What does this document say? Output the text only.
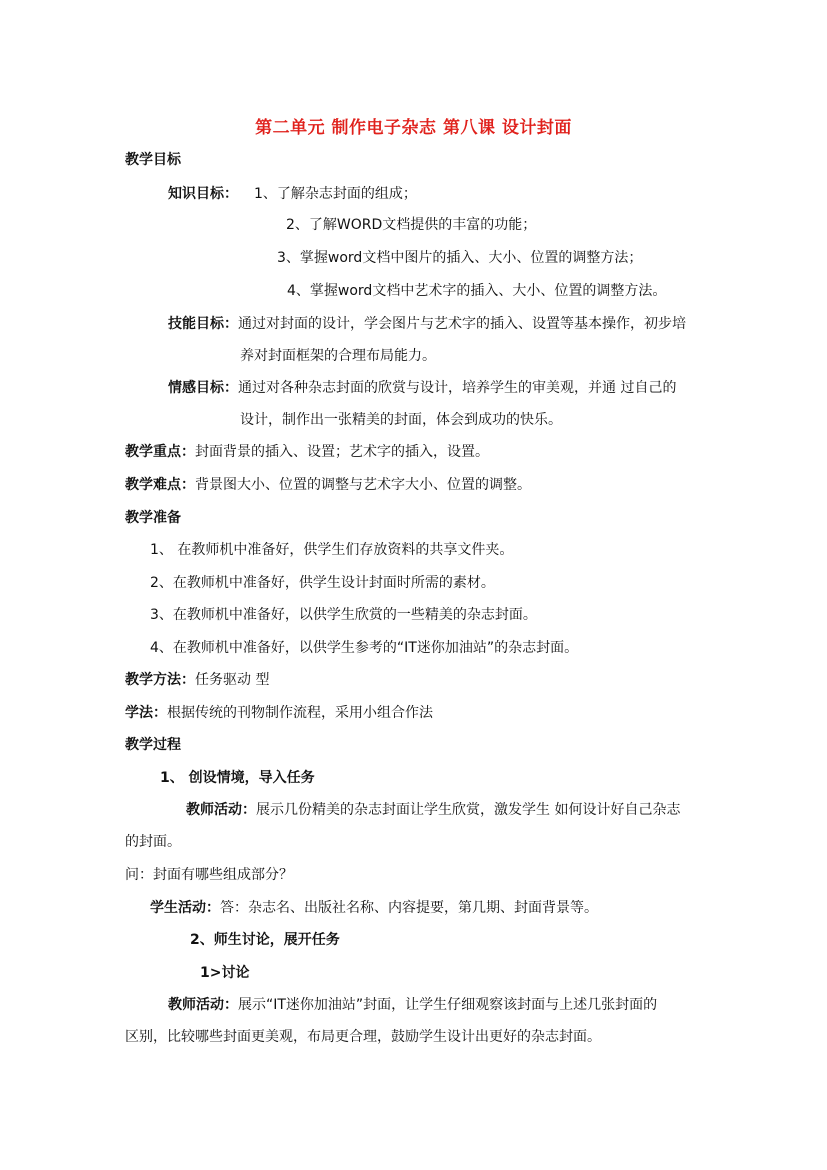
第二单元 制作电子杂志 第八课 设计封面
教学目标
知识目标： 1、了解杂志封面的组成；
2、了解WORD文档提供的丰富的功能；
3、掌握word文档中图片的插入、大小、位置的调整方法；
4、掌握word文档中艺术字的插入、大小、位置的调整方法。
技能目标：通过对封面的设计，学会图片与艺术字的插入、设置等基本操作，初步培
养对封面框架的合理布局能力。
情感目标：通过对各种杂志封面的欣赏与设计，培养学生的审美观，并通 过自己的
设计，制作出一张精美的封面，体会到成功的快乐。
教学重点：封面背景的插入、设置；艺术字的插入，设置。
教学难点：背景图大小、位置的调整与艺术字大小、位置的调整。
教学准备
1、 在教师机中准备好，供学生们存放资料的共享文件夹。
2、在教师机中准备好，供学生设计封面时所需的素材。
3、在教师机中准备好，以供学生欣赏的一些精美的杂志封面。
4、在教师机中准备好，以供学生参考的“IT迷你加油站”的杂志封面。
教学方法：任务驱动 型
学法：根据传统的刊物制作流程，采用小组合作法
教学过程
1、 创设情境，导入任务
教师活动：展示几份精美的杂志封面让学生欣赏，激发学生 如何设计好自己杂志
的封面。
问：封面有哪些组成部分？
学生活动：答：杂志名、出版社名称、内容提要，第几期、封面背景等。
2、师生讨论，展开任务
1>讨论
教师活动：展示“IT迷你加油站”封面，让学生仔细观察该封面与上述几张封面的
区别，比较哪些封面更美观，布局更合理，鼓励学生设计出更好的杂志封面。
